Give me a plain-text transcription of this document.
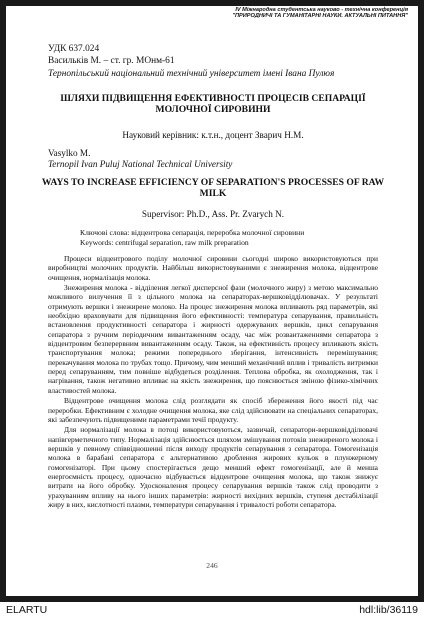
IV Міжнародна студентська науково - технічна конференція
"ПРИРОДНИЧІ ТА ГУМАНІТАРНІ НАУКИ. АКТУАЛЬНІ ПИТАННЯ"
УДК 637.024
Васильків М. – ст. гр. МОнм-61
Тернопільський національний технічний університет імені Івана Пулюя
ШЛЯХИ ПІДВИЩЕННЯ ЕФЕКТИВНОСТІ ПРОЦЕСІВ СЕПАРАЦІЇ МОЛОЧНОЇ СИРОВИНИ
Науковий керівник: к.т.н., доцент Зварич Н.М.
Vasylko M.
Ternopil Ivan Puluj National Technical University
WAYS TO INCREASE EFFICIENCY OF SEPARATION'S PROCESSES OF RAW MILK
Supervisor: Ph.D., Ass. Pr. Zvarych N.
Ключові слова: відцентрова сепарація, переробка молочної сировини
Keywords: centrifugal separation, raw milk preparation

Процеси відцентрового поділу молочної сировини сьогодні широко використовуються при виробництві молочних продуктів. Найбільш використовуваними є знежирення молока, відцентрове очищення, нормалізація молока.

Знежирення молока - відділення легкої дисперсної фази (молочного жиру) з метою максимально можливого вилучення її з цільного молока на сепараторах-вершковідділювачах. У результаті отримують вершки і знежирене молоко. На процес знежирення молока впливають ряд параметрів, які необхідно враховувати для підвищення його ефективності: температура сепарування, правильність встановлення продуктивності сепаратора і жирності одержуваних вершків, цикл сепарування сепаратора з ручним періодичним вивантаженням осаду, час між розвантаженнями сепаратора з відцентровим безперервним вивантаженням осаду. Також, на ефективність процесу впливають якість транспортування молока; режими попереднього зберігання, інтенсивність перемішування; перекачування молока по трубах тощо. Причому, чим менший механічний вплив і тривалість витримки перед сепаруванням, тим повніше відбудеться розділення. Теплова обробка, як охолодження, так і нагрівання, також негативно впливає на якість знежирення, що пояснюється зміною фізико-хімічних властивостей молока.

Відцентрове очищення молока слід розглядати як спосіб збереження його якості під час переробки. Ефективним є холодне очищення молока, яке слід здійснювати на спеціальних сепараторах, які забезпечують підвищеними параметрами течії продукту.

Для нормалізації молока в потоці використовуються, зазвичай, сепаратори-вершковідділювачі напівгерметичного типу. Нормалізація здійснюється шляхом змішування потоків знежиреного молока і вершків у певному співвідношенні після виходу продуктів сепарування з сепаратора. Гомогенізація молока в барабані сепаратора є альтернативою дроблення жирових кульок в плунжерному гомогенізаторі. При цьому спостерігається дещо менший ефект гомогенізації, але й менша енергоємність процесу, одночасно відбувається відцентрове очищення молока, що також знижує витрати на його обробку. Удосконалення процесу сепарування вершків також слід проводити з урахуванням впливу на нього інших параметрів: жирності вихідних вершків, ступеня дестабілізації жиру в них, кислотності плазми, температури сепарування і тривалості роботи сепаратора.

246
ELARTU	hdl:lib/36119
